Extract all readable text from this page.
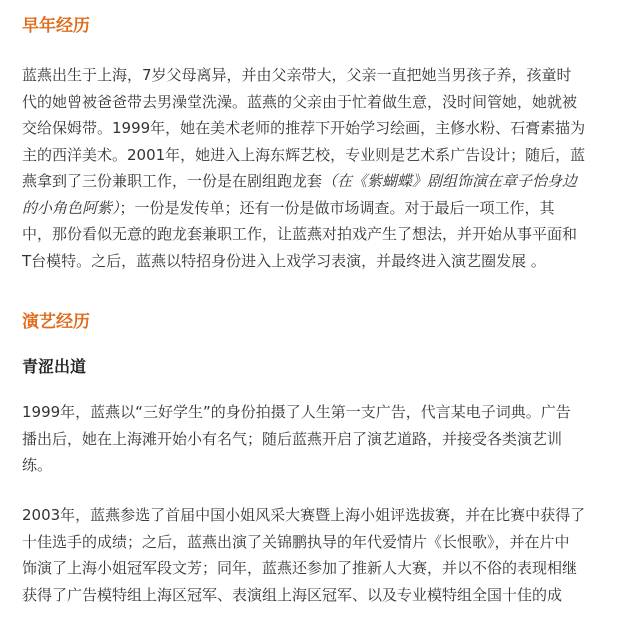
早年经历
蓝燕出生于上海，7岁父母离异，并由父亲带大，父亲一直把她当男孩子养，孩童时
代的她曾被爸爸带去男澡堂洗澡。蓝燕的父亲由于忙着做生意，没时间管她，她就被
交给保姆带。1999年，她在美术老师的推荐下开始学习绘画，主修水粉、石膏素描为
主的西洋美术。2001年，她进入上海东辉艺校，专业则是艺术系广告设计；随后，蓝
燕拿到了三份兼职工作，一份是在剧组跑龙套（在《紫蝴蝶》剧组饰演在章子怡身边
的小角色阿紫）；一份是发传单；还有一份是做市场调查。对于最后一项工作，其
中，那份看似无意的跑龙套兼职工作，让蓝燕对拍戏产生了想法，并开始从事平面和
T台模特。之后，蓝燕以特招身份进入上戏学习表演，并最终进入演艺圈发展 。
演艺经历
青涩出道
1999年，蓝燕以“三好学生”的身份拍摄了人生第一支广告，代言某电子词典。广告
播出后，她在上海滩开始小有名气；随后蓝燕开启了演艺道路，并接受各类演艺训
练。
2003年，蓝燕参选了首届中国小姐风采大赛暨上海小姐评选拔赛，并在比赛中获得了
十佳选手的成绩；之后，蓝燕出演了关锦鹏执导的年代爱情片《长恨歌》，并在片中
饰演了上海小姐冠军段文芳；同年，蓝燕还参加了推新人大赛，并以不俗的表现相继
获得了广告模特组上海区冠军、表演组上海区冠军、以及专业模特组全国十佳的成
